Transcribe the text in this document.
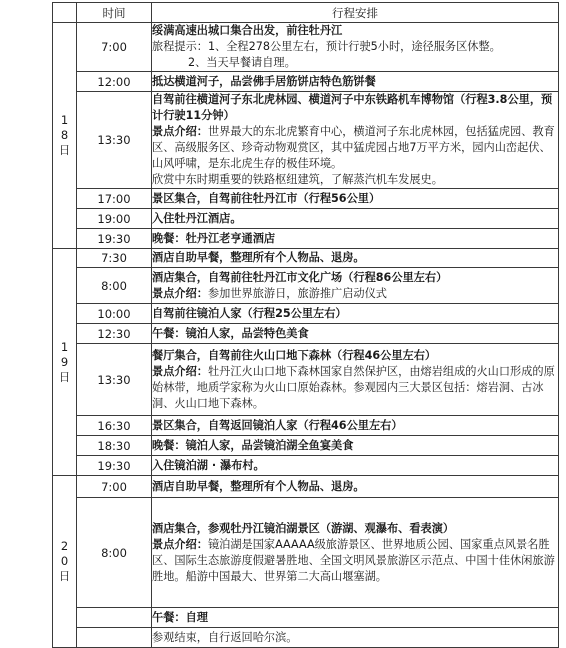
	时间	行程安排

1
8
日	7:00	绥满高速出城口集合出发，前往牡丹江
旅程提示：1、全程278公里左右，预计行驶5小时，途径服务区休整。
2、当天早餐请自理。

	12:00	抵达横道河子，品尝佛手居筋饼店特色筋饼餐
	13:30	自驾前往横道河子东北虎林园、横道河子中东铁路机车博物馆（行程3.8公里，预计行驶11分钟）
景点介绍：世界最大的东北虎繁育中心，横道河子东北虎林园，包括猛虎园、教育区、高级服务区、珍奇动物观赏区，其中猛虎园占地7万平方米，园内山峦起伏、山风呼啸，是东北虎生存的极佳环境。
欣赏中东时期重要的铁路枢纽建筑，了解蒸汽机车发展史。

	17:00	景区集合，自驾前往牡丹江市（行程56公里）
	19:00	入住牡丹江酒店。
	19:30	晚餐：牡丹江老亨通酒店

1
9
日	7:30	酒店自助早餐，整理所有个人物品、退房。
	8:00	酒店集合，自驾前往牡丹江市文化广场（行程86公里左右）
景点介绍：参加世界旅游日，旅游推广启动仪式

	10:00	自驾前往镜泊人家（行程25公里左右）
	12:30	午餐：镜泊人家，品尝特色美食
	13:30	餐厅集合，自驾前往火山口地下森林（行程46公里左右）
景点介绍：牡丹江火山口地下森林国家自然保护区，由熔岩组成的火山口形成的原始林带，地质学家称为火山口原始森林。参观园内三大景区包括：熔岩洞、古冰洞、火山口地下森林。

	16:30	景区集合，自驾返回镜泊人家（行程46公里左右）
	18:30	晚餐：镜泊人家，品尝镜泊湖全鱼宴美食
	19:30	入住镜泊湖 · 瀑布村。

2
0
日	7:00	酒店自助早餐，整理所有个人物品、退房。
	8:00	酒店集合，参观牡丹江镜泊湖景区（游湖、观瀑布、看表演）
景点介绍：镜泊湖是国家AAAAA级旅游景区、世界地质公园、国家重点风景名胜区、国际生态旅游度假避暑胜地、全国文明风景旅游区示范点、中国十佳休闲旅游胜地。船游中国最大、世界第二大高山堰塞湖。

		午餐：自理

		参观结束，自行返回哈尔滨。
